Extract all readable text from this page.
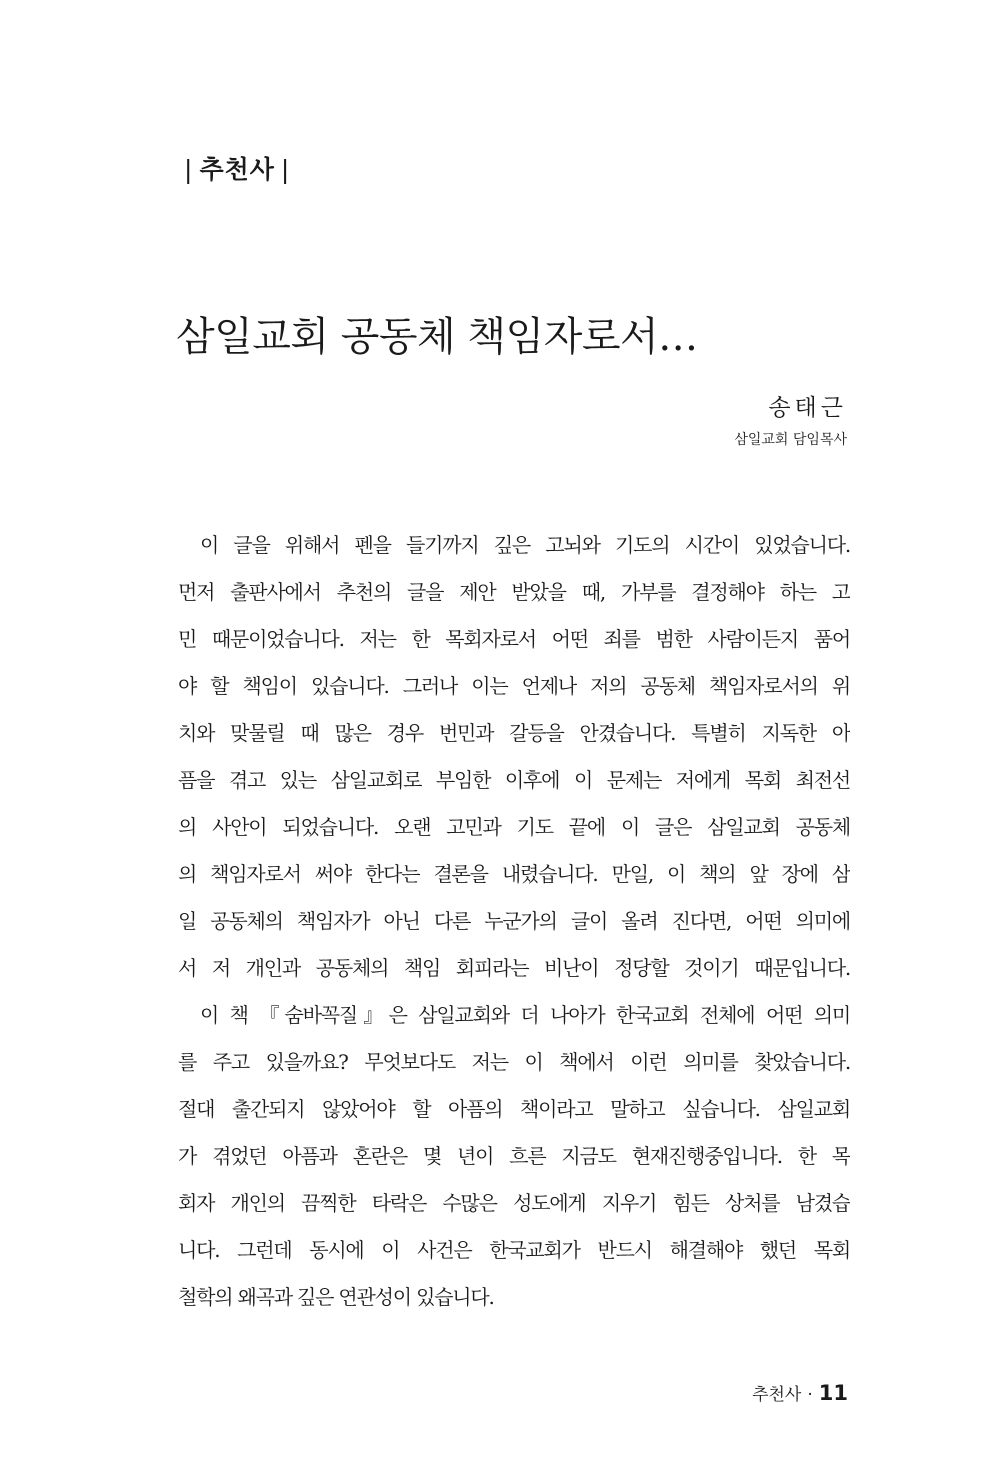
| 추천사 |
삼일교회 공동체 책임자로서…
송태근
삼일교회 담임목사
이 글을 위해서 펜을 들기까지 깊은 고뇌와 기도의 시간이 있었습니다.
먼저 출판사에서 추천의 글을 제안 받았을 때, 가부를 결정해야 하는 고
민 때문이었습니다. 저는 한 목회자로서 어떤 죄를 범한 사람이든지 품어
야 할 책임이 있습니다. 그러나 이는 언제나 저의 공동체 책임자로서의 위
치와 맞물릴 때 많은 경우 번민과 갈등을 안겼습니다. 특별히 지독한 아
픔을 겪고 있는 삼일교회로 부임한 이후에 이 문제는 저에게 목회 최전선
의 사안이 되었습니다. 오랜 고민과 기도 끝에 이 글은 삼일교회 공동체
의 책임자로서 써야 한다는 결론을 내렸습니다. 만일, 이 책의 앞 장에 삼
일 공동체의 책임자가 아닌 다른 누군가의 글이 올려 진다면, 어떤 의미에
서 저 개인과 공동체의 책임 회피라는 비난이 정당할 것이기 때문입니다.
이 책 『숨바꼭질』은 삼일교회와 더 나아가 한국교회 전체에 어떤 의미
를 주고 있을까요? 무엇보다도 저는 이 책에서 이런 의미를 찾았습니다.
절대 출간되지 않았어야 할 아픔의 책이라고 말하고 싶습니다. 삼일교회
가 겪었던 아픔과 혼란은 몇 년이 흐른 지금도 현재진행중입니다. 한 목
회자 개인의 끔찍한 타락은 수많은 성도에게 지우기 힘든 상처를 남겼습
니다. 그런데 동시에 이 사건은 한국교회가 반드시 해결해야 했던 목회
철학의 왜곡과 깊은 연관성이 있습니다.
추천사 · 11
